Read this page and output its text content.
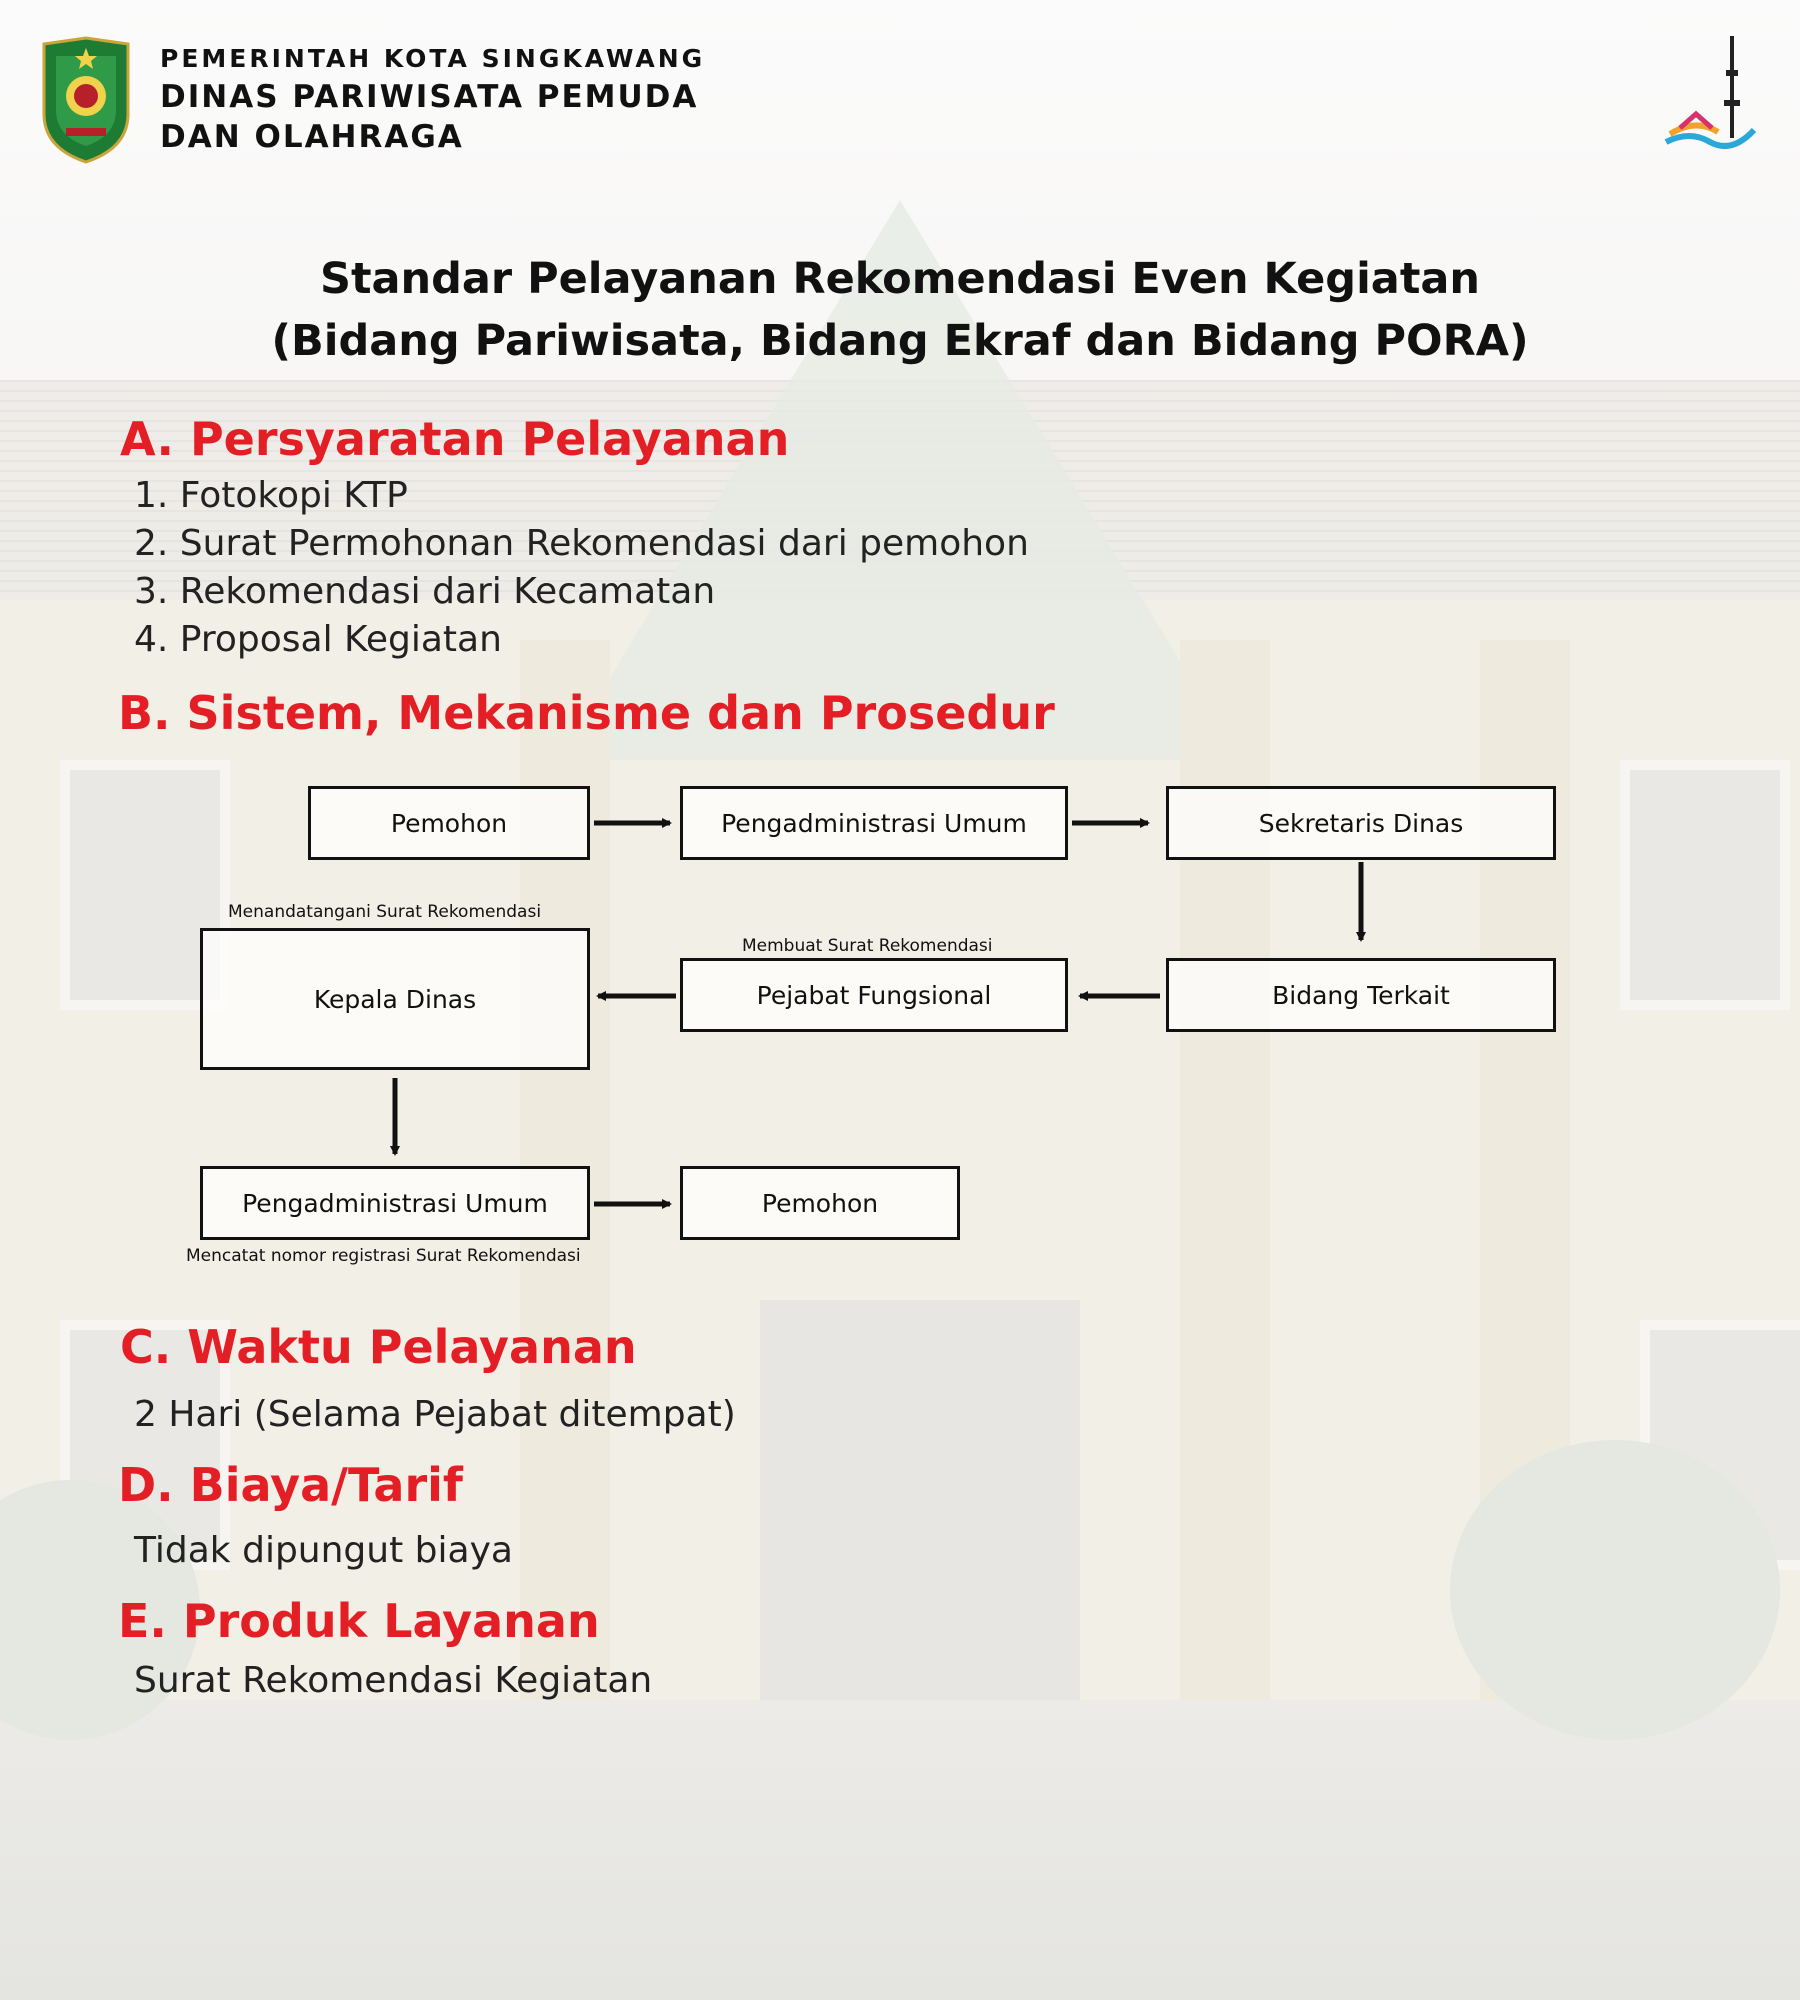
PEMERINTAH KOTA SINGKAWANG
DINAS PARIWISATA PEMUDA
DAN OLAHRAGA
Standar Pelayanan Rekomendasi Even Kegiatan
(Bidang Pariwisata, Bidang Ekraf dan Bidang PORA)
A. Persyaratan Pelayanan
1. Fotokopi KTP
2. Surat Permohonan Rekomendasi dari pemohon
3. Rekomendasi dari Kecamatan
4. Proposal Kegiatan
B. Sistem, Mekanisme dan Prosedur
Pemohon	Pengadministrasi Umum	Sekretaris Dinas
Menandatangani Surat Rekomendasi
Membuat Surat Rekomendasi
Kepala Dinas	Pejabat Fungsional	Bidang Terkait
Pengadministrasi Umum	Pemohon
Mencatat nomor registrasi Surat Rekomendasi
C. Waktu Pelayanan
2 Hari (Selama Pejabat ditempat)
D. Biaya/Tarif
Tidak dipungut biaya
E. Produk Layanan
Surat Rekomendasi Kegiatan
